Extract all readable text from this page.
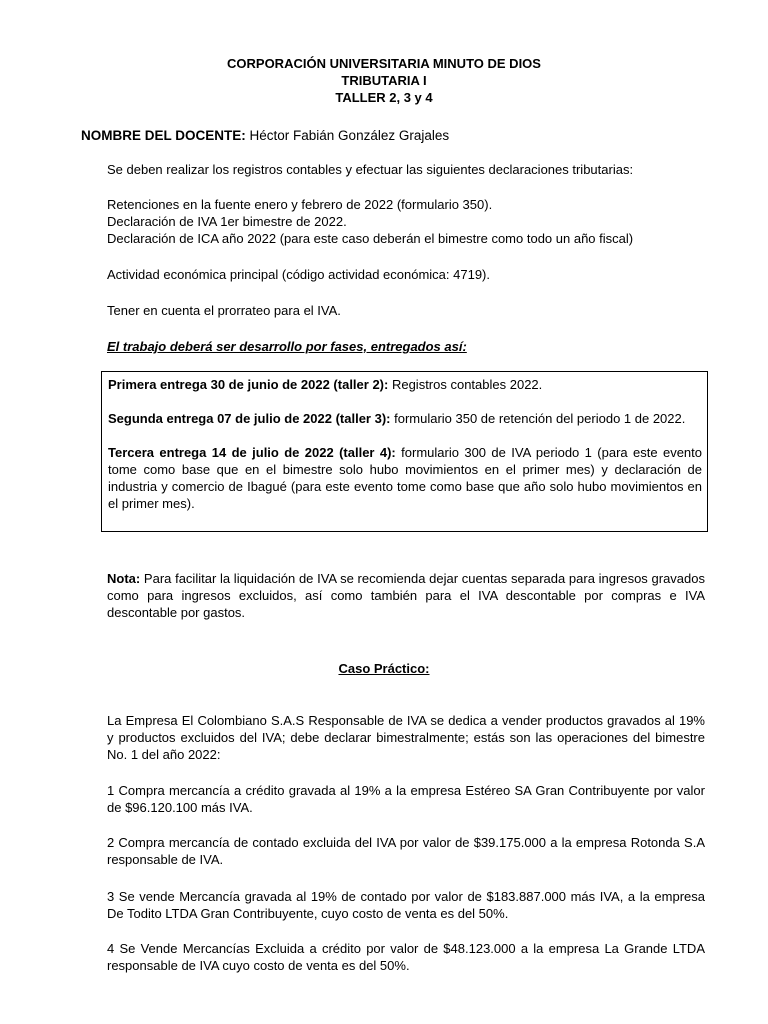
CORPORACIÓN UNIVERSITARIA MINUTO DE DIOS
TRIBUTARIA I
TALLER 2, 3 y 4
NOMBRE DEL DOCENTE: Héctor Fabián González Grajales
Se deben realizar los registros contables y efectuar las siguientes declaraciones tributarias:
Retenciones en la fuente enero y febrero de 2022 (formulario 350).
Declaración de IVA 1er bimestre de 2022.
Declaración de ICA año 2022 (para este caso deberán el bimestre como todo un año fiscal)
Actividad económica principal (código actividad económica: 4719).
Tener en cuenta el prorrateo para el IVA.
El trabajo deberá ser desarrollo por fases, entregados así:

Primera entrega 30 de junio de 2022 (taller 2): Registros contables 2022.

Segunda entrega 07 de julio de 2022 (taller 3): formulario 350 de retención del periodo 1 de 2022.

Tercera entrega 14 de julio de 2022 (taller 4): formulario 300 de IVA periodo 1 (para este evento tome como base que en el bimestre solo hubo movimientos en el primer mes) y declaración de industria y comercio de Ibagué (para este evento tome como base que año solo hubo movimientos en el primer mes).

Nota: Para facilitar la liquidación de IVA se recomienda dejar cuentas separada para ingresos gravados como para ingresos excluidos, así como también para el IVA descontable por compras e IVA descontable por gastos.

Caso Práctico:

La Empresa El Colombiano S.A.S Responsable de IVA se dedica a vender productos gravados al 19% y productos excluidos del IVA; debe declarar bimestralmente; estás son las operaciones del bimestre No. 1 del año 2022:

1 Compra mercancía a crédito gravada al 19% a la empresa Estéreo SA Gran Contribuyente por valor de $96.120.100 más IVA.

2 Compra mercancía de contado excluida del IVA por valor de $39.175.000 a la empresa Rotonda S.A responsable de IVA.

3 Se vende Mercancía gravada al 19% de contado por valor de $183.887.000 más IVA, a la empresa De Todito LTDA Gran Contribuyente, cuyo costo de venta es del 50%.

4 Se Vende Mercancías Excluida a crédito por valor de $48.123.000 a la empresa La Grande LTDA responsable de IVA cuyo costo de venta es del 50%.
